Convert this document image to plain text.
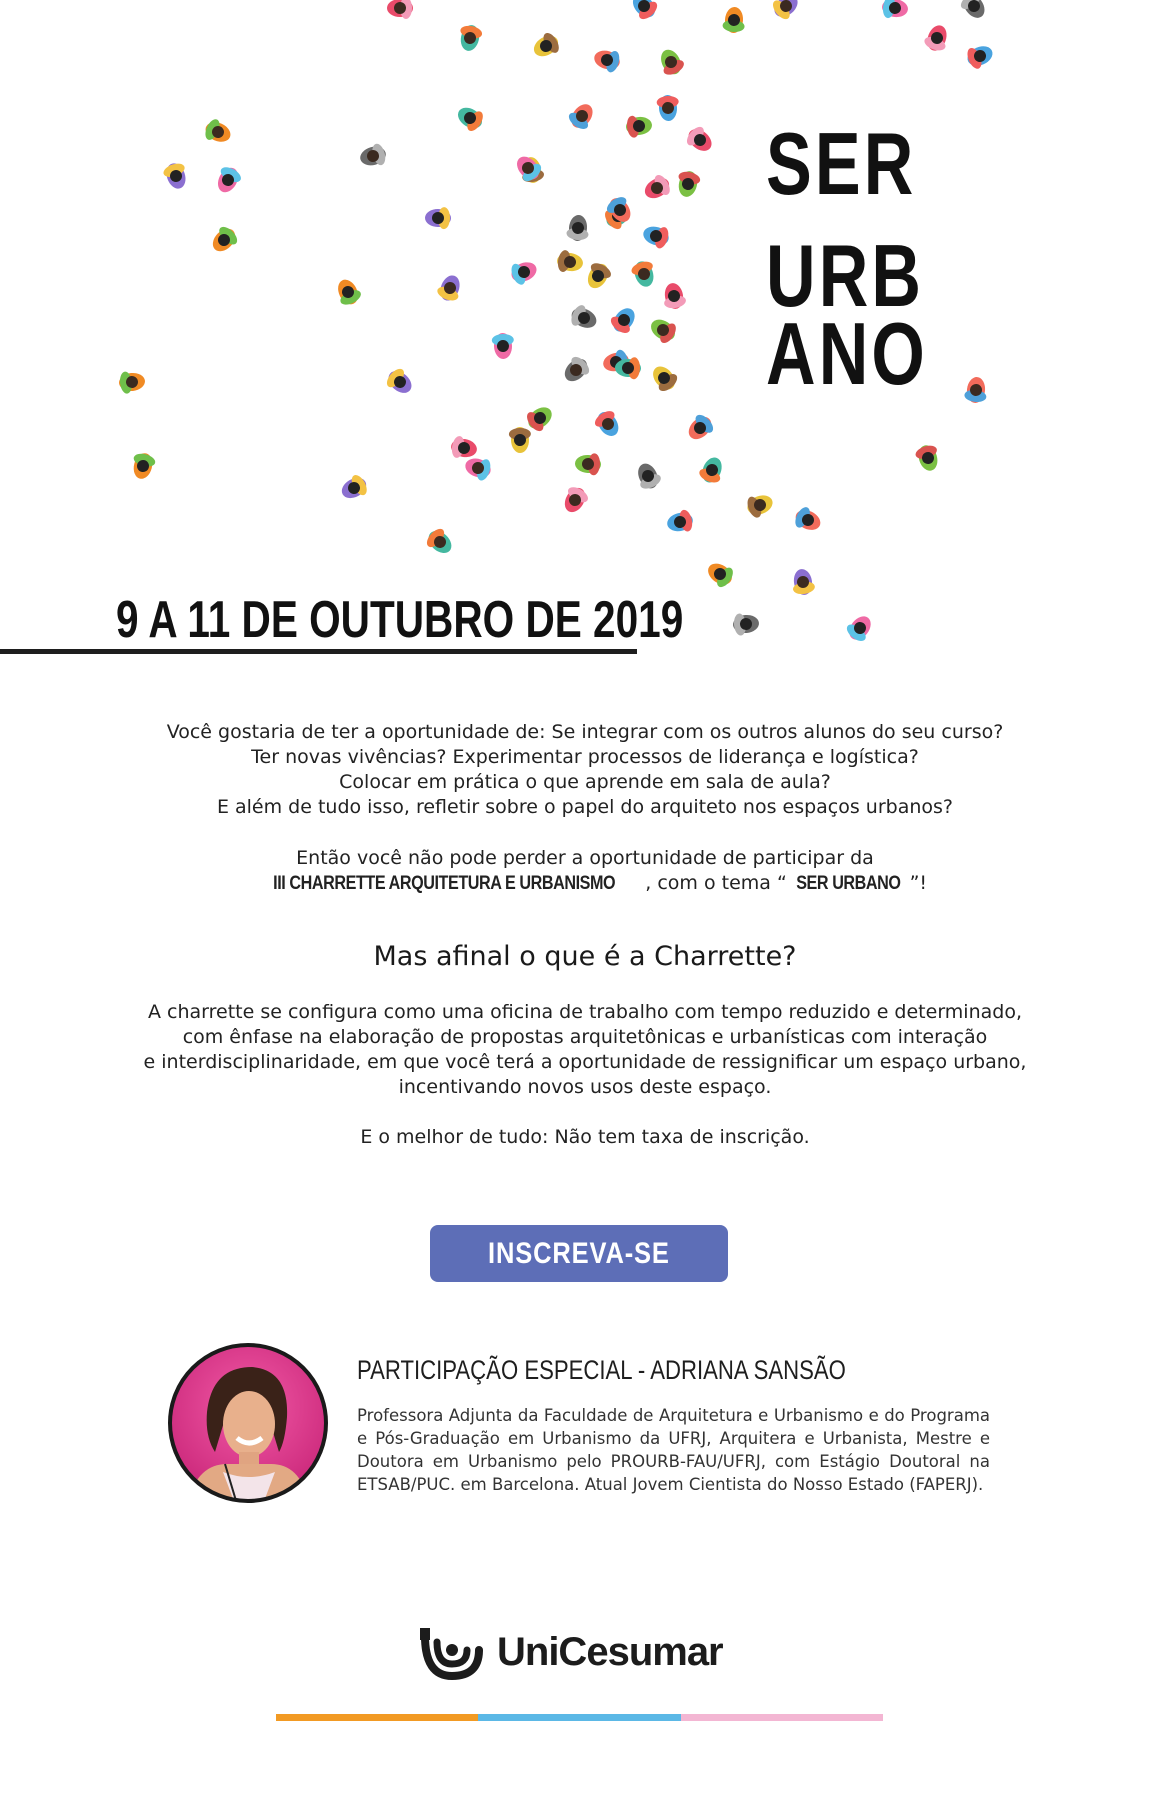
SER
URB
ANO
9 A 11 DE OUTUBRO DE 2019

Você gostaria de ter a oportunidade de: Se integrar com os outros alunos do seu curso?

Ter novas vivências? Experimentar processos de liderança e logística?

Colocar em prática o que aprende em sala de aula?

E além de tudo isso, refletir sobre o papel do arquiteto nos espaços urbanos?

Então você não pode perder a oportunidade de participar da

III CHARRETTE ARQUITETURA E URBANISMO , com o tema “ SER URBANO ”!

Mas afinal o que é a Charrette?

A charrette se configura como uma oficina de trabalho com tempo reduzido e determinado,

com ênfase na elaboração de propostas arquitetônicas e urbanísticas com interação

e interdisciplinaridade, em que você terá a oportunidade de ressignificar um espaço urbano,

incentivando novos usos deste espaço.

E o melhor de tudo: Não tem taxa de inscrição.
INSCREVA-SE
PARTICIPAÇÃO ESPECIAL - ADRIANA SANSÃO
Professora Adjunta da Faculdade de Arquitetura e Urbanismo e do Programa e Pós-Graduação em Urbanismo da UFRJ, Arquitera e Urbanista, Mestre e Doutora em Urbanismo pelo PROURB-FAU/UFRJ, com Estágio Doutoral na ETSAB/PUC. em Barcelona. Atual Jovem Cientista do Nosso Estado (FAPERJ).
UniCesumar
